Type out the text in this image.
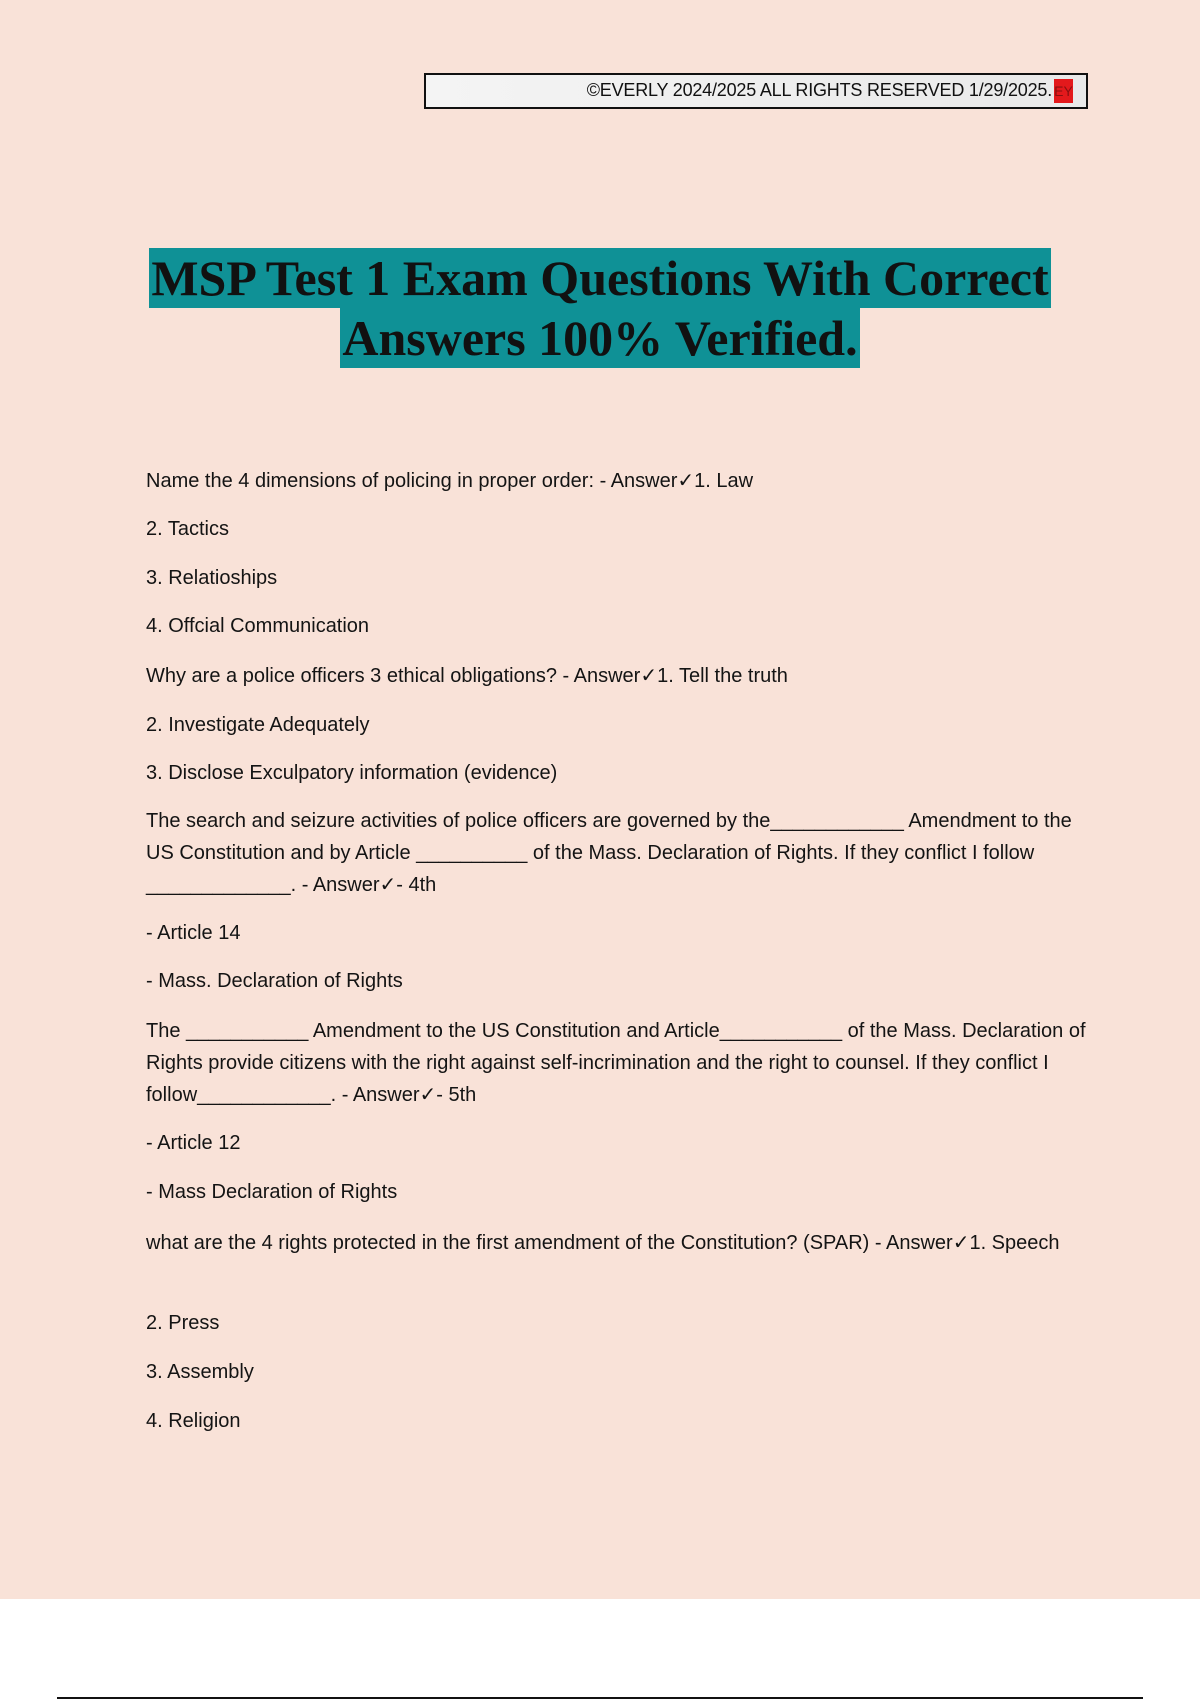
©EVERLY 2024/2025 ALL RIGHTS RESERVED 1/29/2025. EY
MSP Test 1 Exam Questions With Correct
Answers 100% Verified.

Name the 4 dimensions of policing in proper order: - Answer✓1. Law

2. Tactics

3. Relatioships

4. Offcial Communication

Why are a police officers 3 ethical obligations? - Answer✓1. Tell the truth

2. Investigate Adequately

3. Disclose Exculpatory information (evidence)

The search and seizure activities of police officers are governed by the____________ Amendment to the US Constitution and by Article __________ of the Mass. Declaration of Rights. If they conflict I follow _____________. - Answer✓- 4th

- Article 14

- Mass. Declaration of Rights

The ___________ Amendment to the US Constitution and Article___________ of the Mass. Declaration of Rights provide citizens with the right against self-incrimination and the right to counsel. If they conflict I follow____________. - Answer✓- 5th

- Article 12

- Mass Declaration of Rights

what are the 4 rights protected in the first amendment of the Constitution? (SPAR) - Answer✓1. Speech

2. Press

3. Assembly

4. Religion
